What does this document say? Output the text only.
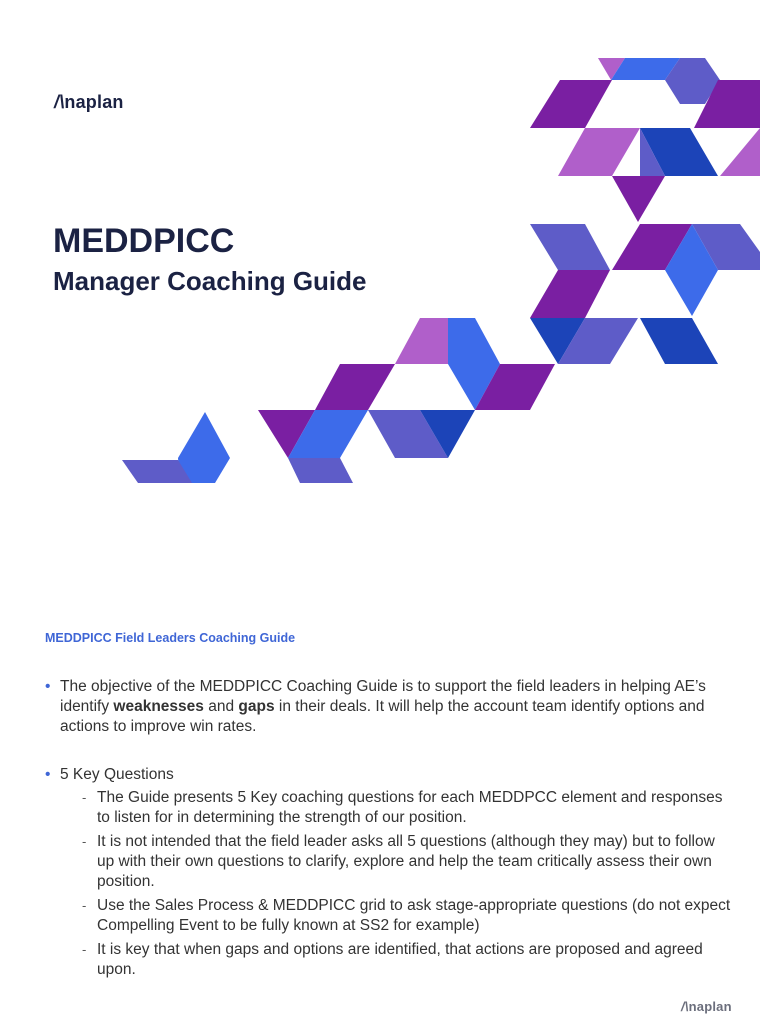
/\naplan
MEDDPICC
Manager Coaching Guide
MEDDPICC Field Leaders Coaching Guide
• The objective of the MEDDPICC Coaching Guide is to support the field leaders in helping AE’s identify weaknesses and gaps in their deals. It will help the account team identify options and actions to improve win rates.
• 5 Key Questions
- The Guide presents 5 Key coaching questions for each MEDDPCC element and responses to listen for in determining the strength of our position.
- It is not intended that the field leader asks all 5 questions (although they may) but to follow up with their own questions to clarify, explore and help the team critically assess their own position.
- Use the Sales Process & MEDDPICC grid to ask stage-appropriate questions (do not expect Compelling Event to be fully known at SS2 for example)
- It is key that when gaps and options are identified, that actions are proposed and agreed upon.
/\naplan
